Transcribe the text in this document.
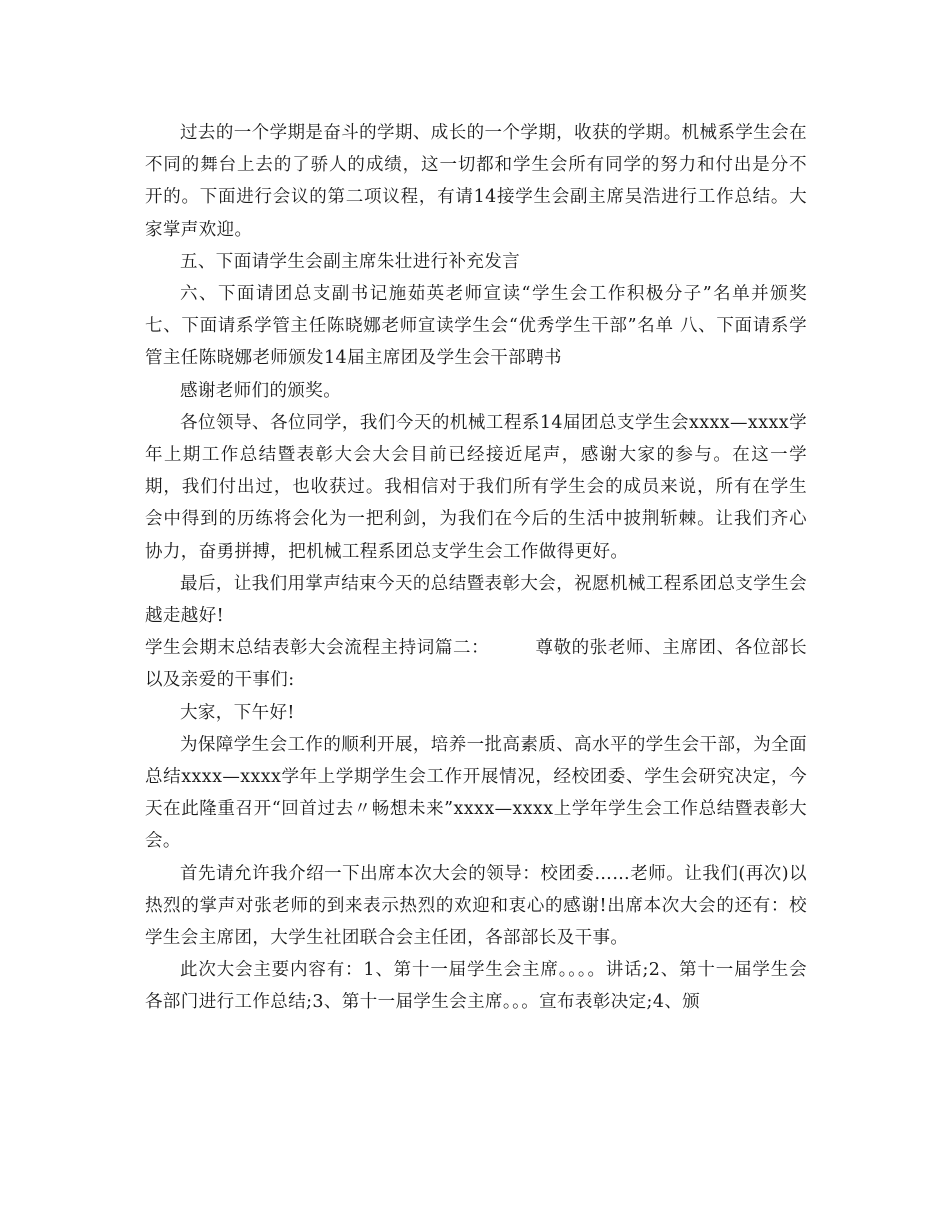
过去的一个学期是奋斗的学期、成长的一个学期，收获的学期。机械系学生会在不同的舞台上去的了骄人的成绩，这一切都和学生会所有同学的努力和付出是分不开的。下面进行会议的第二项议程，有请14接学生会副主席吴浩进行工作总结。大家掌声欢迎。

五、下面请学生会副主席朱壮进行补充发言

六、下面请团总支副书记施茹英老师宣读“学生会工作积极分子”名单并颁奖 七、下面请系学管主任陈晓娜老师宣读学生会“优秀学生干部”名单 八、下面请系学管主任陈晓娜老师颁发14届主席团及学生会干部聘书

感谢老师们的颁奖。

各位领导、各位同学，我们今天的机械工程系14届团总支学生会xxxx—xxxx学年上期工作总结暨表彰大会大会目前已经接近尾声，感谢大家的参与。在这一学期，我们付出过，也收获过。我相信对于我们所有学生会的成员来说，所有在学生会中得到的历练将会化为一把利剑，为我们在今后的生活中披荆斩棘。让我们齐心协力，奋勇拼搏，把机械工程系团总支学生会工作做得更好。

最后，让我们用掌声结束今天的总结暨表彰大会，祝愿机械工程系团总支学生会越走越好!

学生会期末总结表彰大会流程主持词篇二：	尊敬的张老师、主席团、各位部长以及亲爱的干事们:

大家，下午好!

为保障学生会工作的顺利开展，培养一批高素质、高水平的学生会干部，为全面总结xxxx—xxxx学年上学期学生会工作开展情况，经校团委、学生会研究决定，今天在此隆重召开“回首过去〃畅想未来”xxxx—xxxx上学年学生会工作总结暨表彰大会。

首先请允许我介绍一下出席本次大会的领导：校团委……老师。让我们(再次)以热烈的掌声对张老师的到来表示热烈的欢迎和衷心的感谢!出席本次大会的还有：校学生会主席团，大学生社团联合会主任团，各部部长及干事。

此次大会主要内容有：1、第十一届学生会主席。。。。讲话;2、第十一届学生会各部门进行工作总结;3、第十一届学生会主席。。。宣布表彰决定;4、颁
